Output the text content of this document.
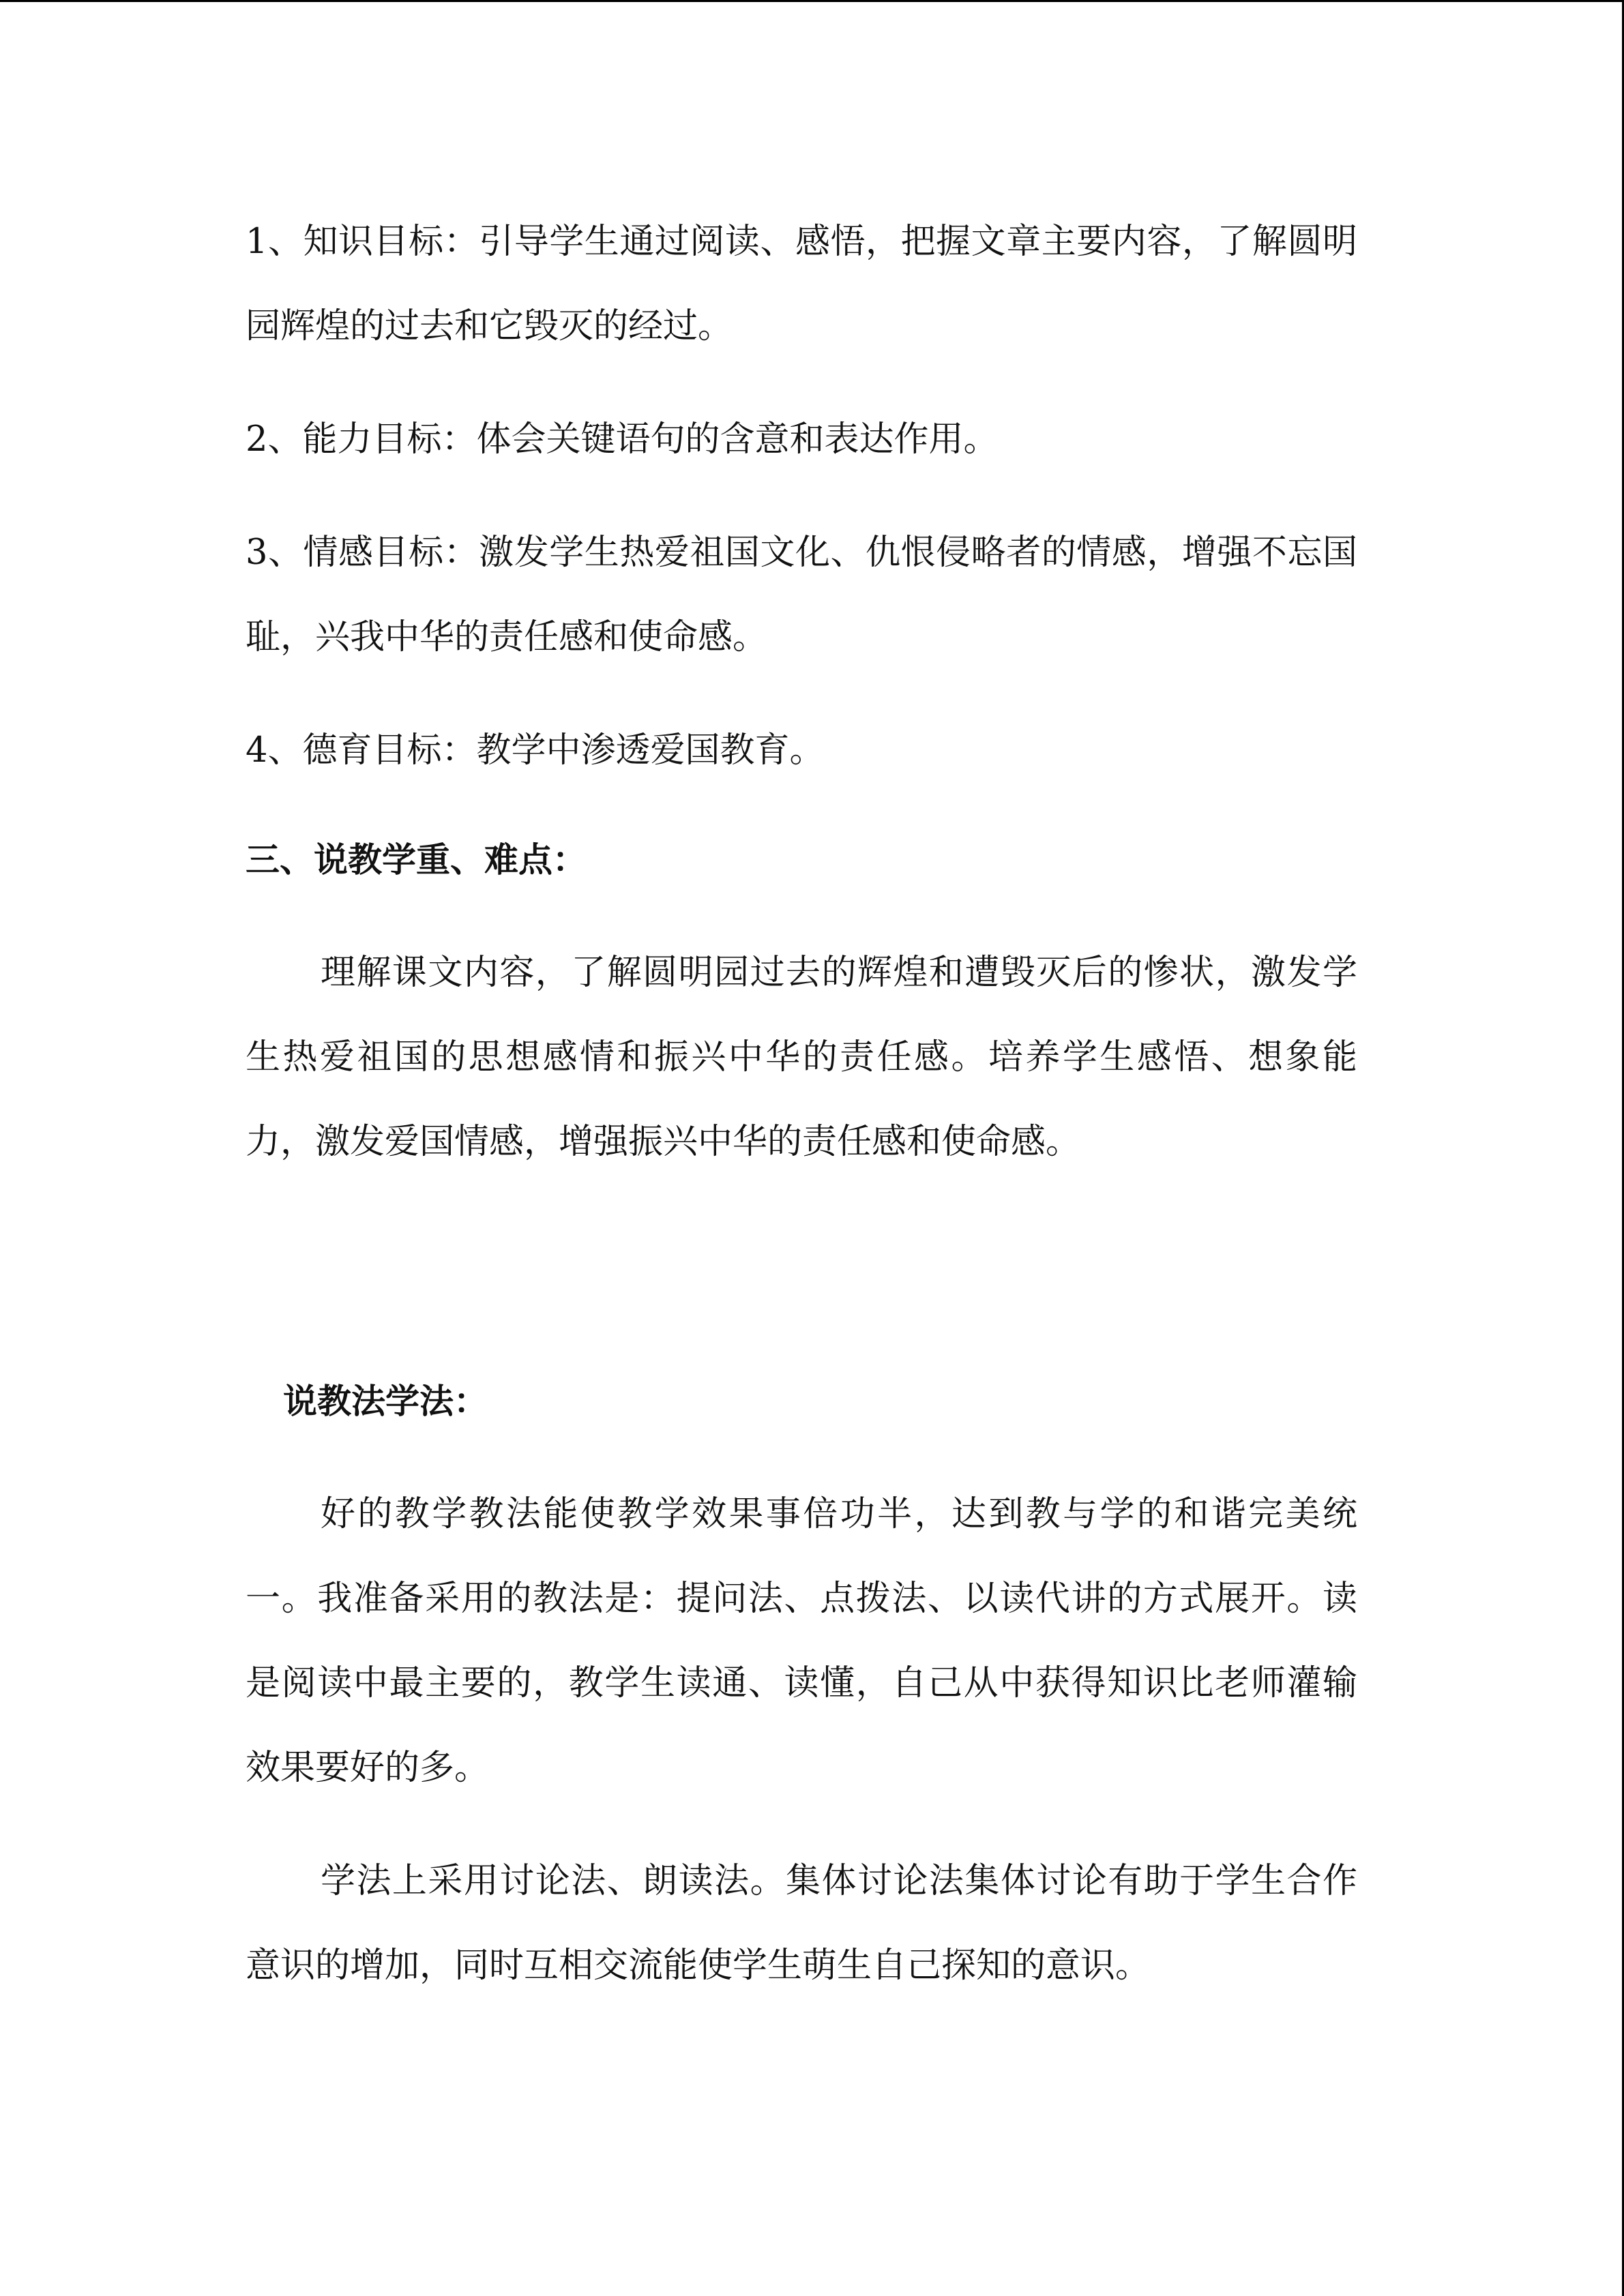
1、知识目标：引导学生通过阅读、感悟，把握文章主要内容，了解圆明园辉煌的过去和它毁灭的经过。

2、能力目标：体会关键语句的含意和表达作用。

3、情感目标：激发学生热爱祖国文化、仇恨侵略者的情感，增强不忘国耻，兴我中华的责任感和使命感。

4、德育目标：教学中渗透爱国教育。

三、说教学重、难点：

理解课文内容，了解圆明园过去的辉煌和遭毁灭后的惨状，激发学生热爱祖国的思想感情和振兴中华的责任感。培养学生感悟、想象能力，激发爱国情感，增强振兴中华的责任感和使命感。

说教法学法：

好的教学教法能使教学效果事倍功半，达到教与学的和谐完美统一。我准备采用的教法是：提问法、点拨法、以读代讲的方式展开。读是阅读中最主要的，教学生读通、读懂，自己从中获得知识比老师灌输效果要好的多。

学法上采用讨论法、朗读法。集体讨论法集体讨论有助于学生合作意识的增加，同时互相交流能使学生萌生自己探知的意识。
